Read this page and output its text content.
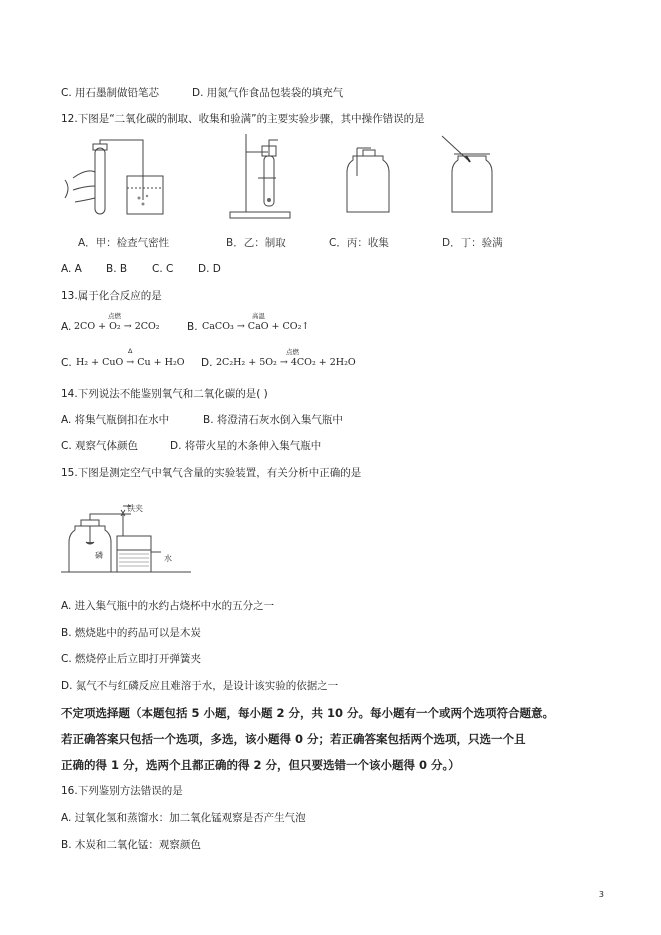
C. 用石墨制做铅笔芯	D. 用氮气作食品包装袋的填充气
12.下图是“二氧化碳的制取、收集和验满”的主要实验步骤，其中操作错误的是
A．甲：检查气密性	B．乙：制取	C．丙：收集	D．丁：验满
A. A B. B C. C D. D
13.属于化合反应的是
A.
点燃
2CO + O₂ → 2CO₂	B.
高温
CaCO₃ → CaO + CO₂↑
C.
Δ
H₂ + CuO → Cu + H₂O D.
点燃
2C₂H₂ + 5O₂ → 4CO₂ + 2H₂O
14.下列说法不能鉴别氧气和二氧化碳的是( )
A. 将集气瓶倒扣在水中	B. 将澄清石灰水倒入集气瓶中
C. 观察气体颜色	D. 将带火星的木条伸入集气瓶中
15.下图是测定空气中氧气含量的实验装置，有关分析中正确的是
铁夹
磷	水
A. 进入集气瓶中的水约占烧杯中水的五分之一
B. 燃烧匙中的药品可以是木炭
C. 燃烧停止后立即打开弹簧夹
D. 氮气不与红磷反应且难溶于水，是设计该实验的依据之一
不定项选择题（本题包括 5 小题，每小题 2 分，共 10 分。每小题有一个或两个选项符合题意。
若正确答案只包括一个选项，多选，该小题得 0 分；若正确答案包括两个选项，只选一个且
正确的得 1 分，选两个且都正确的得 2 分，但只要选错一个该小题得 0 分。）
16.下列鉴别方法错误的是
A. 过氧化氢和蒸馏水：加二氧化锰观察是否产生气泡
B. 木炭和二氧化锰：观察颜色
3
